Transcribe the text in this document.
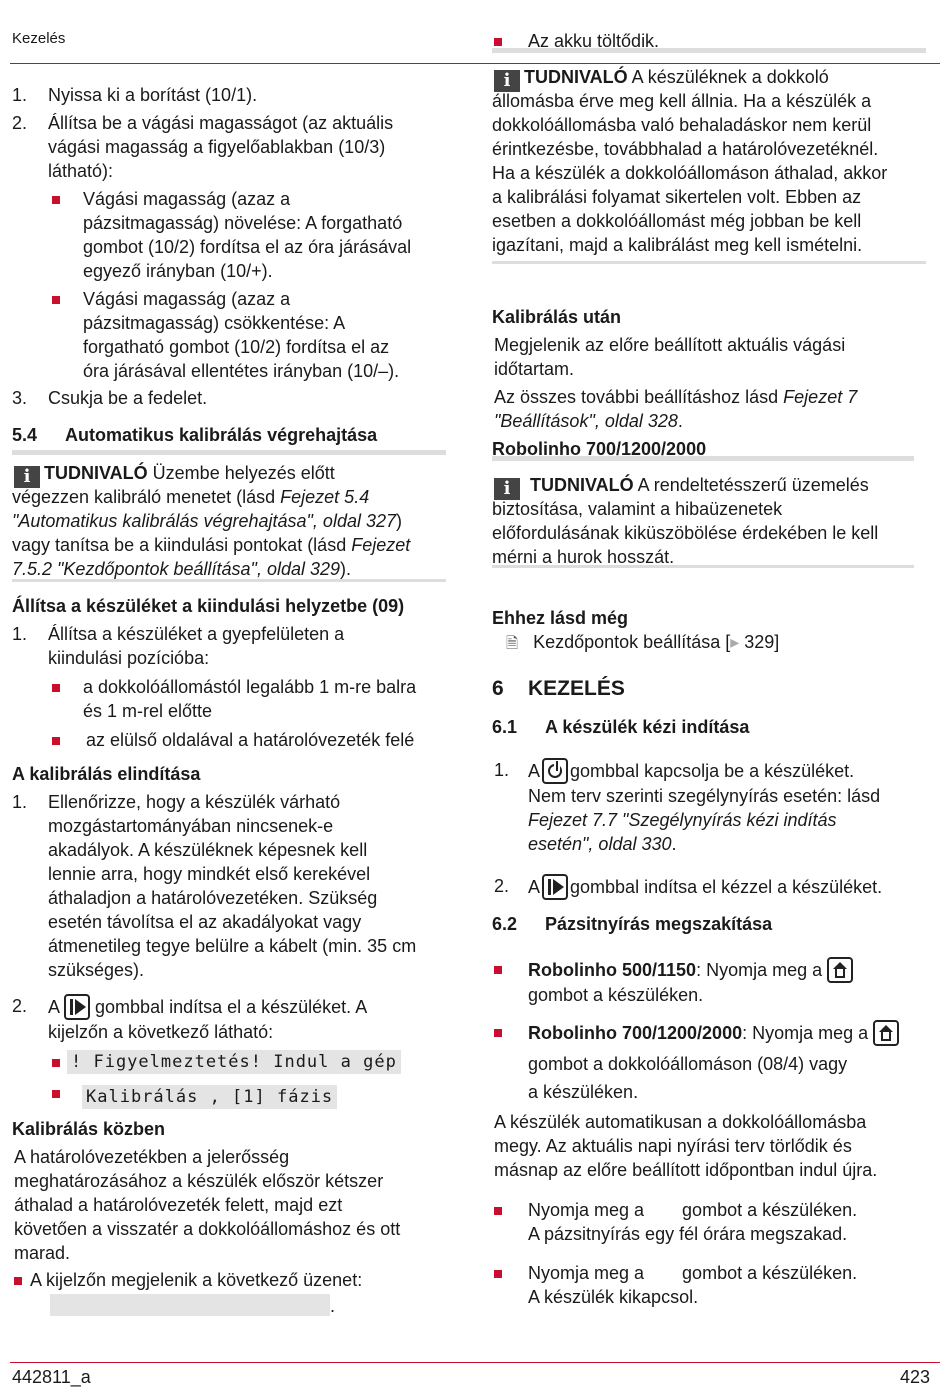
Kezelés
1. Nyissa ki a borítást (10/1).
2. Állítsa be a vágási magasságot (az aktuális
vágási magasság a figyelőablakban (10/3)
látható):
Vágási magasság (azaz a
pázsitmagasság) növelése: A forgatható
gombot (10/2) fordítsa el az óra járásával
egyező irányban (10/+).
Vágási magasság (azaz a
pázsitmagasság) csökkentése: A
forgatható gombot (10/2) fordítsa el az
óra járásával ellentétes irányban (10/–).
3. Csukja be a fedelet.
5.4 Automatikus kalibrálás végrehajtása
i TUDNIVALÓ Üzembe helyezés előtt
végezzen kalibráló menetet (lásd Fejezet 5.4
"Automatikus kalibrálás végrehajtása", oldal 327)
vagy tanítsa be a kiindulási pontokat (lásd Fejezet
7.5.2 "Kezdőpontok beállítása", oldal 329).
Állítsa a készüléket a kiindulási helyzetbe (09)
1. Állítsa a készüléket a gyepfelületen a
kiindulási pozícióba:
a dokkolóállomástól legalább 1 m-re balra
és 1 m-rel előtte
az elülső oldalával a határolóvezeték felé
A kalibrálás elindítása
1. Ellenőrizze, hogy a készülék várható
mozgástartományában nincsenek-e
akadályok. A készüléknek képesnek kell
lennie arra, hogy mindkét első kerekével
áthaladjon a határolóvezetéken. Szükség
esetén távolítsa el az akadályokat vagy
átmenetileg tegye belülre a kábelt (min. 35 cm
szükséges).
2. A
gombbal indítsa el a készüléket. A
kijelzőn a következő látható:
! Figyelmeztetés! Indul a gép
Kalibrálás , [1] fázis
Kalibrálás közben
A határolóvezetékben a jelerősség
meghatározásához a készülék először kétszer
áthalad a határolóvezeték felett, majd ezt
követően a visszatér a dokkolóállomáshoz és ott
marad.
A kijelzőn megjelenik a következő üzenet:
.
Az akku töltődik.
i TUDNIVALÓ A készüléknek a dokkoló
állomásba érve meg kell állnia. Ha a készülék a
dokkolóállomásba való behaladáskor nem kerül
érintkezésbe, továbbhalad a határolóvezetéknél.
Ha a készülék a dokkolóállomáson áthalad, akkor
a kalibrálási folyamat sikertelen volt. Ebben az
esetben a dokkolóállomást még jobban be kell
igazítani, majd a kalibrálást meg kell ismételni.
Kalibrálás után
Megjelenik az előre beállított aktuális vágási
időtartam.
Az összes további beállításhoz lásd Fejezet 7
"Beállítások", oldal 328.
Robolinho 700/1200/2000
i TUDNIVALÓ A rendeltetésszerű üzemelés
biztosítása, valamint a hibaüzenetek
előfordulásának kiküszöbölése érdekében le kell
mérni a hurok hosszát.
Ehhez lásd még
🗎 Kezdőpontok beállítása [▸ 329]
6 KEZELÉS
6.1 A készülék kézi indítása
1. A gombbal kapcsolja be a készüléket.
Nem terv szerinti szegélynyírás esetén: lásd
Fejezet 7.7 "Szegélynyírás kézi indítás
esetén", oldal 330.
2. A gombbal indítsa el kézzel a készüléket.
6.2 Pázsitnyírás megszakítása
Robolinho 500/1150: Nyomja meg a
gombot a készüléken.
Robolinho 700/1200/2000: Nyomja meg a
gombot a dokkolóállomáson (08/4) vagy
a készüléken.
A készülék automatikusan a dokkolóállomásba
megy. Az aktuális napi nyírási terv törlődik és
másnap az előre beállított időpontban indul újra.
Nyomja meg a gombot a készüléken.
A pázsitnyírás egy fél órára megszakad.
Nyomja meg a gombot a készüléken.
A készülék kikapcsol.
442811_a	423
